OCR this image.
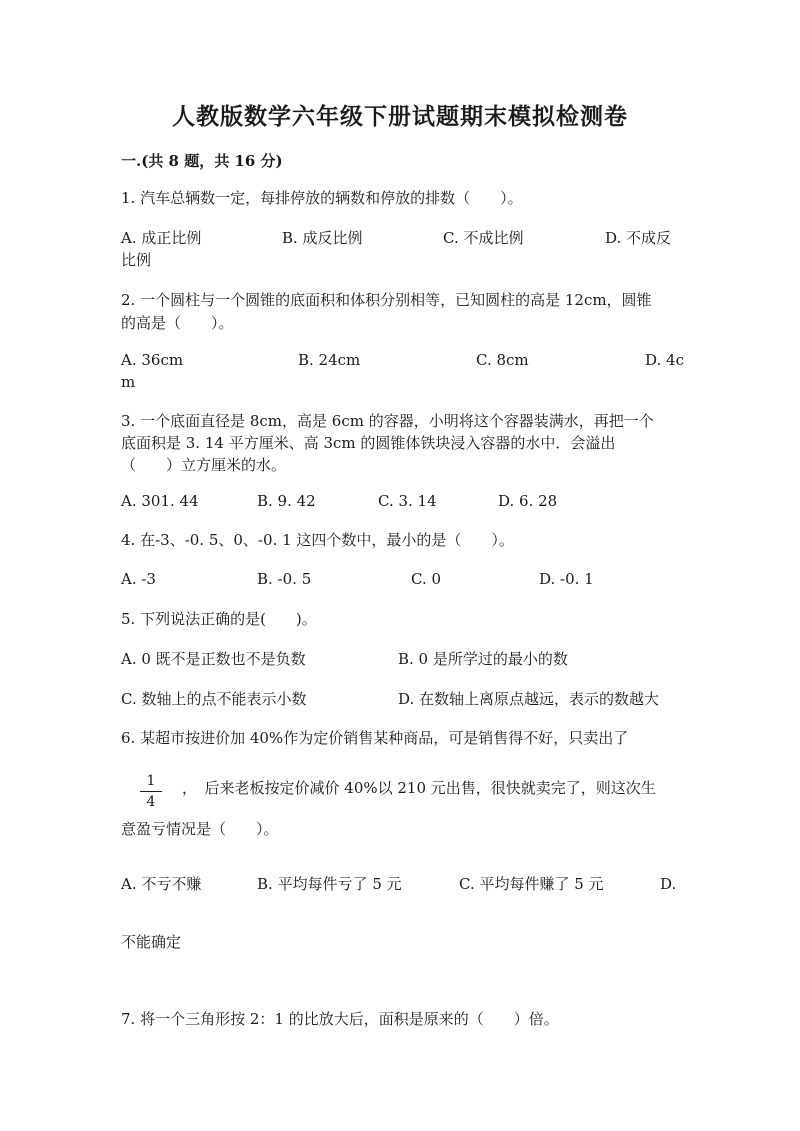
人教版数学六年级下册试题期末模拟检测卷
一.(共 8 题，共 16 分)
1. 汽车总辆数一定，每排停放的辆数和停放的排数（　　）。
A. 成正比例	B. 成反比例	C. 不成比例	D. 不成反
比例
2. 一个圆柱与一个圆锥的底面积和体积分别相等，已知圆柱的高是 12cm，圆锥
的高是（　　）。
A. 36cm	B. 24cm	C. 8cm	D. 4c
m
3. 一个底面直径是 8cm，高是 6cm 的容器，小明将这个容器装满水，再把一个
底面积是 3. 14 平方厘米、高 3cm 的圆锥体铁块浸入容器的水中．会溢出
（　　）立方厘米的水。
A. 301. 44	B. 9. 42	C. 3. 14	D. 6. 28
4. 在-3、-0. 5、0、-0. 1 这四个数中，最小的是（　　）。
A. -3	B. -0. 5	C. 0	D. -0. 1
5. 下列说法正确的是(　　)。
A. 0 既不是正数也不是负数	B. 0 是所学过的最小的数
C. 数轴上的点不能表示小数	D. 在数轴上离原点越远，表示的数越大
6. 某超市按进价加 40%作为定价销售某种商品，可是销售得不好，只卖出了
$\frac{1}{4}$ ，　后来老板按定价减价 40%以 210 元出售，很快就卖完了，则这次生
意盈亏情况是（　　）。
A. 不亏不赚	B. 平均每件亏了 5 元	C. 平均每件赚了 5 元	D.
不能确定
7. 将一个三角形按 2：1 的比放大后，面积是原来的（　　）倍。
